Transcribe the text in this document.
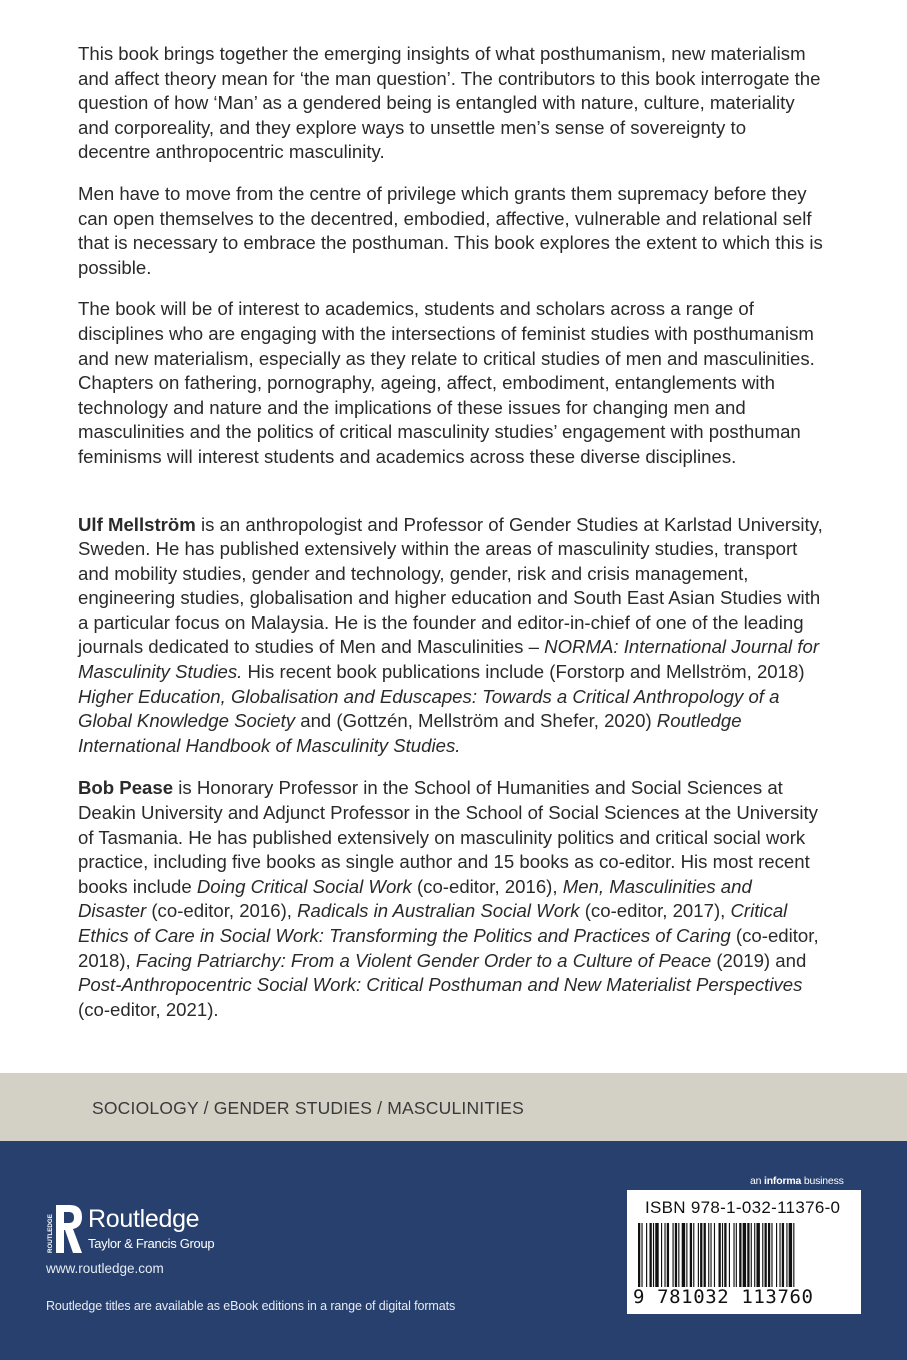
This book brings together the emerging insights of what posthumanism, new materialism and affect theory mean for ‘the man question’. The contributors to this book interrogate the question of how ‘Man’ as a gendered being is entangled with nature, culture, materiality and corporeality, and they explore ways to unsettle men’s sense of sovereignty to decentre anthropocentric masculinity.

Men have to move from the centre of privilege which grants them supremacy before they can open themselves to the decentred, embodied, affective, vulnerable and relational self that is necessary to embrace the posthuman. This book explores the extent to which this is possible.

The book will be of interest to academics, students and scholars across a range of disciplines who are engaging with the intersections of feminist studies with posthumanism and new materialism, especially as they relate to critical studies of men and masculinities. Chapters on fathering, pornography, ageing, affect, embodiment, entanglements with technology and nature and the implications of these issues for changing men and masculinities and the politics of critical masculinity studies’ engagement with posthuman feminisms will interest students and academics across these diverse disciplines.

Ulf Mellström is an anthropologist and Professor of Gender Studies at Karlstad University, Sweden. He has published extensively within the areas of masculinity studies, transport and mobility studies, gender and technology, gender, risk and crisis management, engineering studies, globalisation and higher education and South East Asian Studies with a particular focus on Malaysia. He is the founder and editor-in-chief of one of the leading journals dedicated to studies of Men and Masculinities – NORMA: International Journal for Masculinity Studies. His recent book publications include (Forstorp and Mellström, 2018) Higher Education, Globalisation and Eduscapes: Towards a Critical Anthropology of a Global Knowledge Society and (Gottzén, Mellström and Shefer, 2020) Routledge International Handbook of Masculinity Studies.

Bob Pease is Honorary Professor in the School of Humanities and Social Sciences at Deakin University and Adjunct Professor in the School of Social Sciences at the University of Tasmania. He has published extensively on masculinity politics and critical social work practice, including five books as single author and 15 books as co-editor. His most recent books include Doing Critical Social Work (co-editor, 2016), Men, Masculinities and Disaster (co-editor, 2016), Radicals in Australian Social Work (co-editor, 2017), Critical Ethics of Care in Social Work: Transforming the Politics and Practices of Caring (co-editor, 2018), Facing Patriarchy: From a Violent Gender Order to a Culture of Peace (2019) and Post-Anthropocentric Social Work: Critical Posthuman and New Materialist Perspectives (co-editor, 2021).

SOCIOLOGY / GENDER STUDIES / MASCULINITIES
an informa business
ROUTLEDGE Routledge
Taylor & Francis Group
www.routledge.com
Routledge titles are available as eBook editions in a range of digital formats
ISBN 978-1-032-11376-0
9 781032 113760
